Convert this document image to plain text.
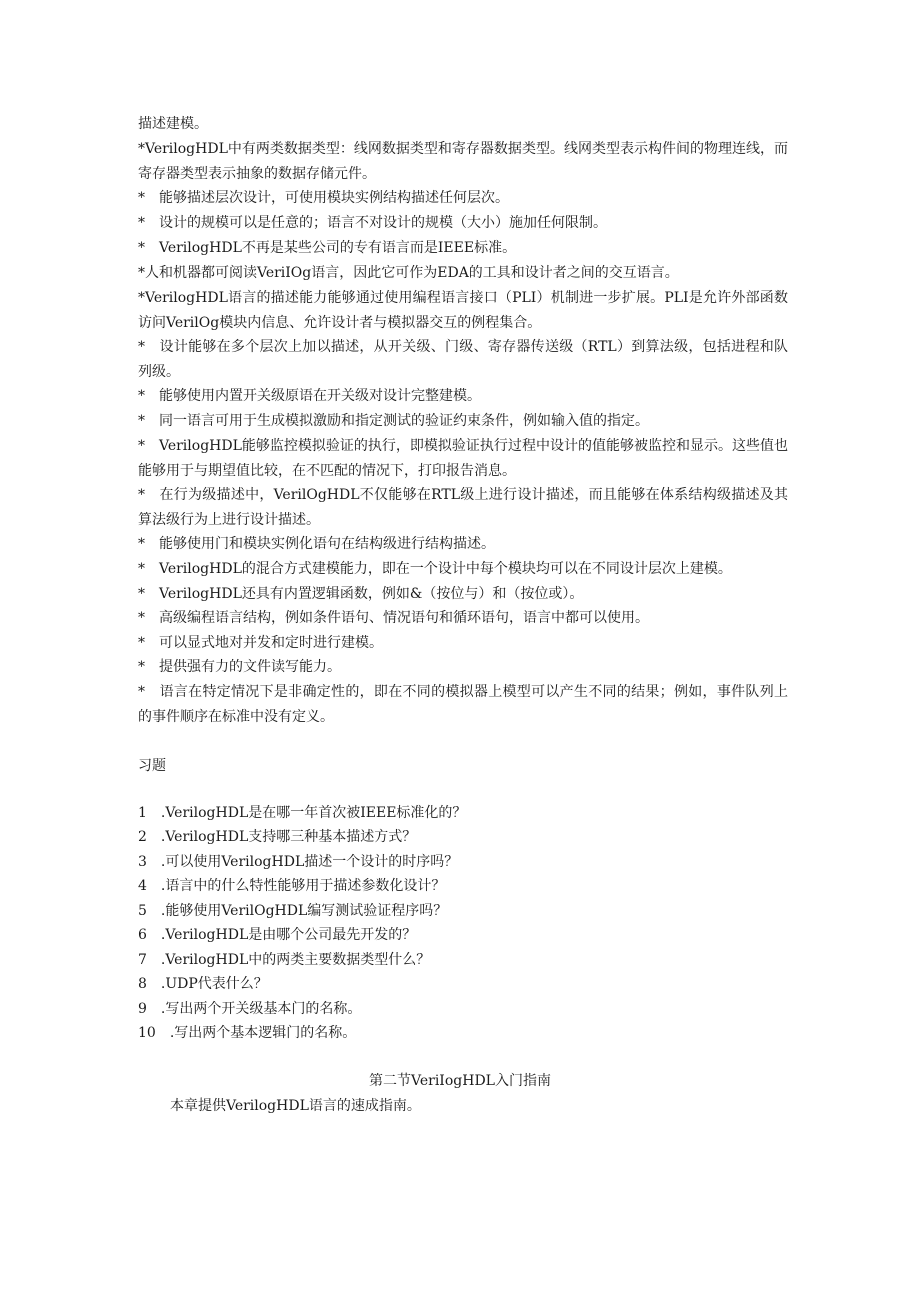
描述建模。

*VerilogHDL中有两类数据类型：线网数据类型和寄存器数据类型。线网类型表示构件间的物理连线，而寄存器类型表示抽象的数据存储元件。

*　能够描述层次设计，可使用模块实例结构描述任何层次。

*　设计的规模可以是任意的；语言不对设计的规模（大小）施加任何限制。

*　VerilogHDL不再是某些公司的专有语言而是IEEE标准。

*人和机器都可阅读VeriIOg语言，因此它可作为EDA的工具和设计者之间的交互语言。

*VerilogHDL语言的描述能力能够通过使用编程语言接口（PLI）机制进一步扩展。PLI是允许外部函数访问VerilOg模块内信息、允许设计者与模拟器交互的例程集合。

*　设计能够在多个层次上加以描述，从开关级、门级、寄存器传送级（RTL）到算法级，包括进程和队列级。

*　能够使用内置开关级原语在开关级对设计完整建模。

*　同一语言可用于生成模拟激励和指定测试的验证约束条件，例如输入值的指定。

*　VerilogHDL能够监控模拟验证的执行，即模拟验证执行过程中设计的值能够被监控和显示。这些值也能够用于与期望值比较，在不匹配的情况下，打印报告消息。

*　在行为级描述中，VerilOgHDL不仅能够在RTL级上进行设计描述，而且能够在体系结构级描述及其算法级行为上进行设计描述。

*　能够使用门和模块实例化语句在结构级进行结构描述。

*　VerilogHDL的混合方式建模能力，即在一个设计中每个模块均可以在不同设计层次上建模。

*　VerilogHDL还具有内置逻辑函数，例如&（按位与）和（按位或）。

*　高级编程语言结构，例如条件语句、情况语句和循环语句，语言中都可以使用。

*　可以显式地对并发和定时进行建模。

*　提供强有力的文件读写能力。

*　语言在特定情况下是非确定性的，即在不同的模拟器上模型可以产生不同的结果；例如，事件队列上的事件顺序在标准中没有定义。

习题

1　.VerilogHDL是在哪一年首次被IEEE标准化的？

2　.VerilogHDL支持哪三种基本描述方式？

3　.可以使用VerilogHDL描述一个设计的时序吗？

4　.语言中的什么特性能够用于描述参数化设计？

5　.能够使用VerilOgHDL编写测试验证程序吗？

6　.VerilogHDL是由哪个公司最先开发的？

7　.VerilogHDL中的两类主要数据类型什么？

8　.UDP代表什么？

9　.写出两个开关级基本门的名称。

10　.写出两个基本逻辑门的名称。

第二节VeriIogHDL入门指南

本章提供VerilogHDL语言的速成指南。
